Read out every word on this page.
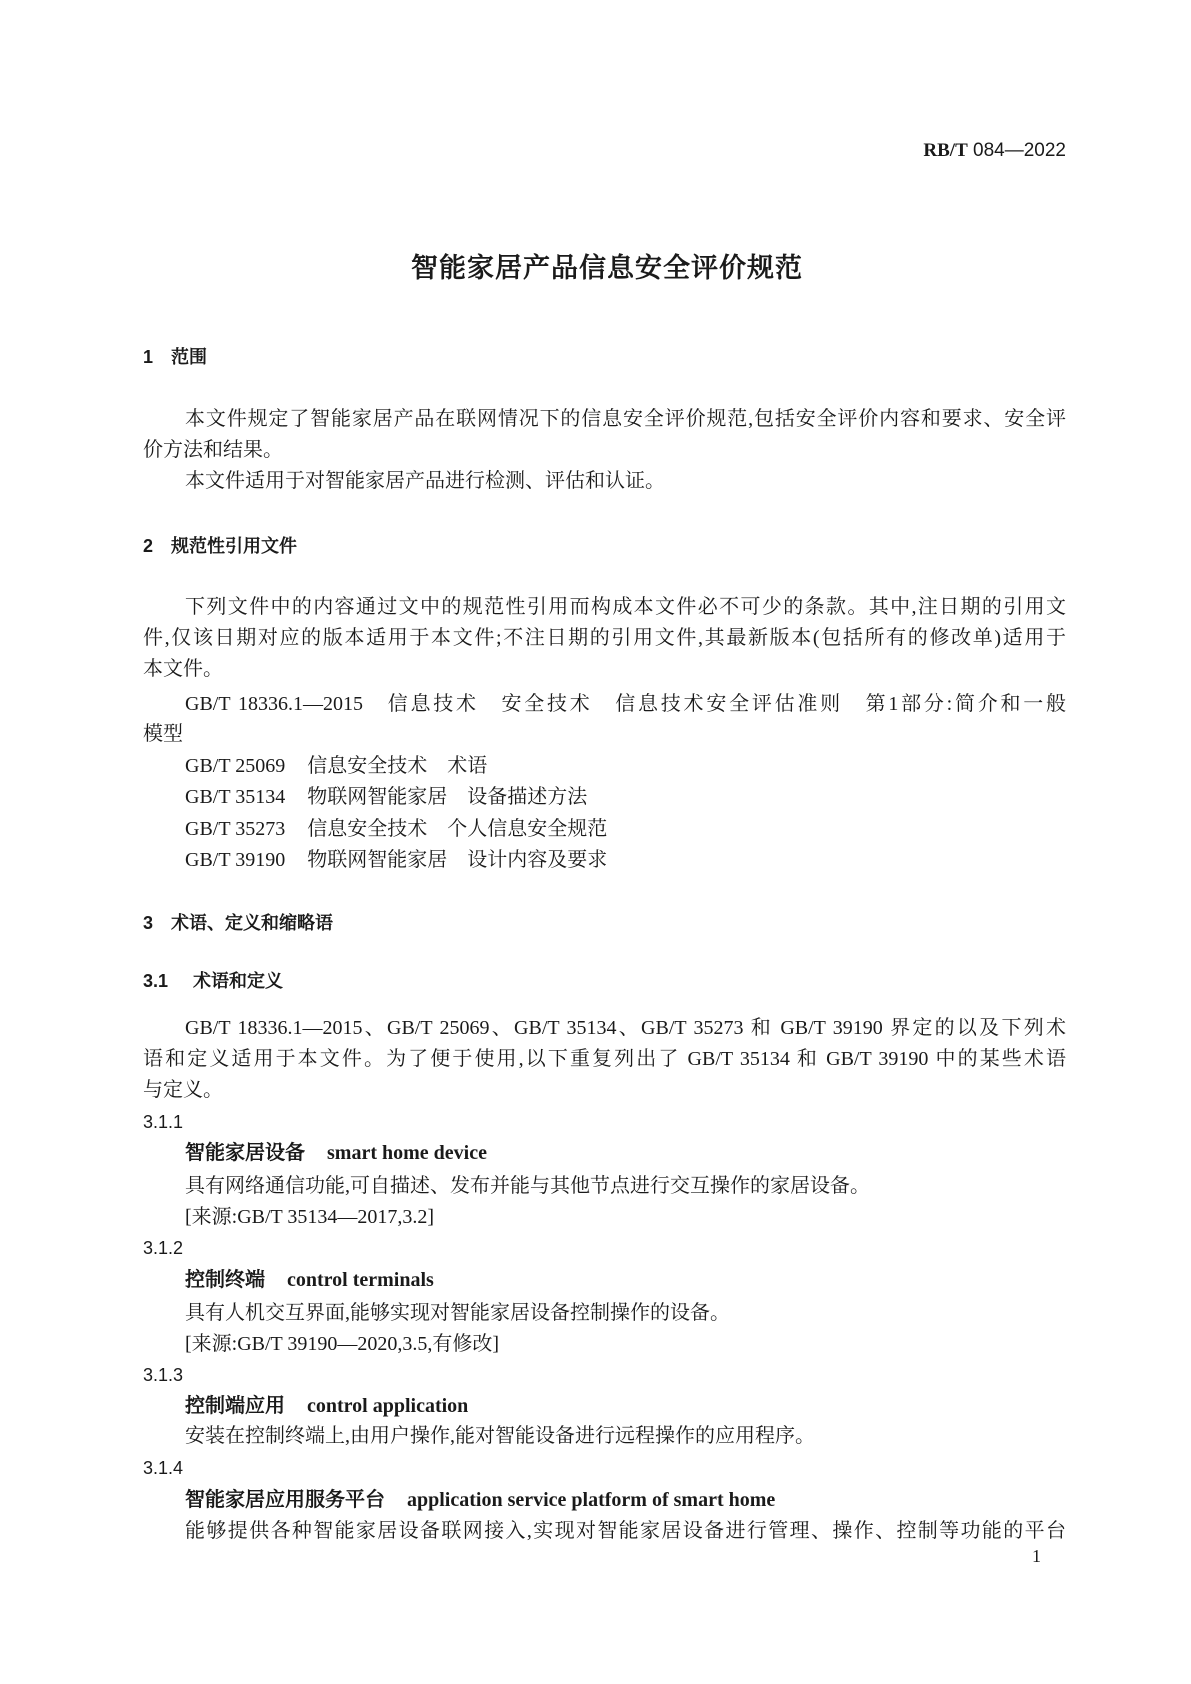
RB/T 084—2022
智能家居产品信息安全评价规范
1 范围
本文件规定了智能家居产品在联网情况下的信息安全评价规范,包括安全评价内容和要求、安全评
价方法和结果。
本文件适用于对智能家居产品进行检测、评估和认证。
2 规范性引用文件
下列文件中的内容通过文中的规范性引用而构成本文件必不可少的条款。其中,注日期的引用文
件,仅该日期对应的版本适用于本文件;不注日期的引用文件,其最新版本(包括所有的修改单)适用于
本文件。
GB/T 18336.1—2015 信息技术　安全技术　信息技术安全评估准则　第1部分:简介和一般
模型
GB/T 25069 信息安全技术　术语
GB/T 35134 物联网智能家居　设备描述方法
GB/T 35273 信息安全技术　个人信息安全规范
GB/T 39190 物联网智能家居　设计内容及要求
3 术语、定义和缩略语
3.1 术语和定义
GB/T 18336.1—2015、GB/T 25069、GB/T 35134、GB/T 35273 和 GB/T 39190 界定的以及下列术
语和定义适用于本文件。为了便于使用,以下重复列出了 GB/T 35134 和 GB/T 39190 中的某些术语
与定义。
3.1.1
智能家居设备 smart home device
具有网络通信功能,可自描述、发布并能与其他节点进行交互操作的家居设备。
[来源:GB/T 35134—2017,3.2]
3.1.2
控制终端 control terminals
具有人机交互界面,能够实现对智能家居设备控制操作的设备。
[来源:GB/T 39190—2020,3.5,有修改]
3.1.3
控制端应用 control application
安装在控制终端上,由用户操作,能对智能设备进行远程操作的应用程序。
3.1.4
智能家居应用服务平台 application service platform of smart home
能够提供各种智能家居设备联网接入,实现对智能家居设备进行管理、操作、控制等功能的平台
1
